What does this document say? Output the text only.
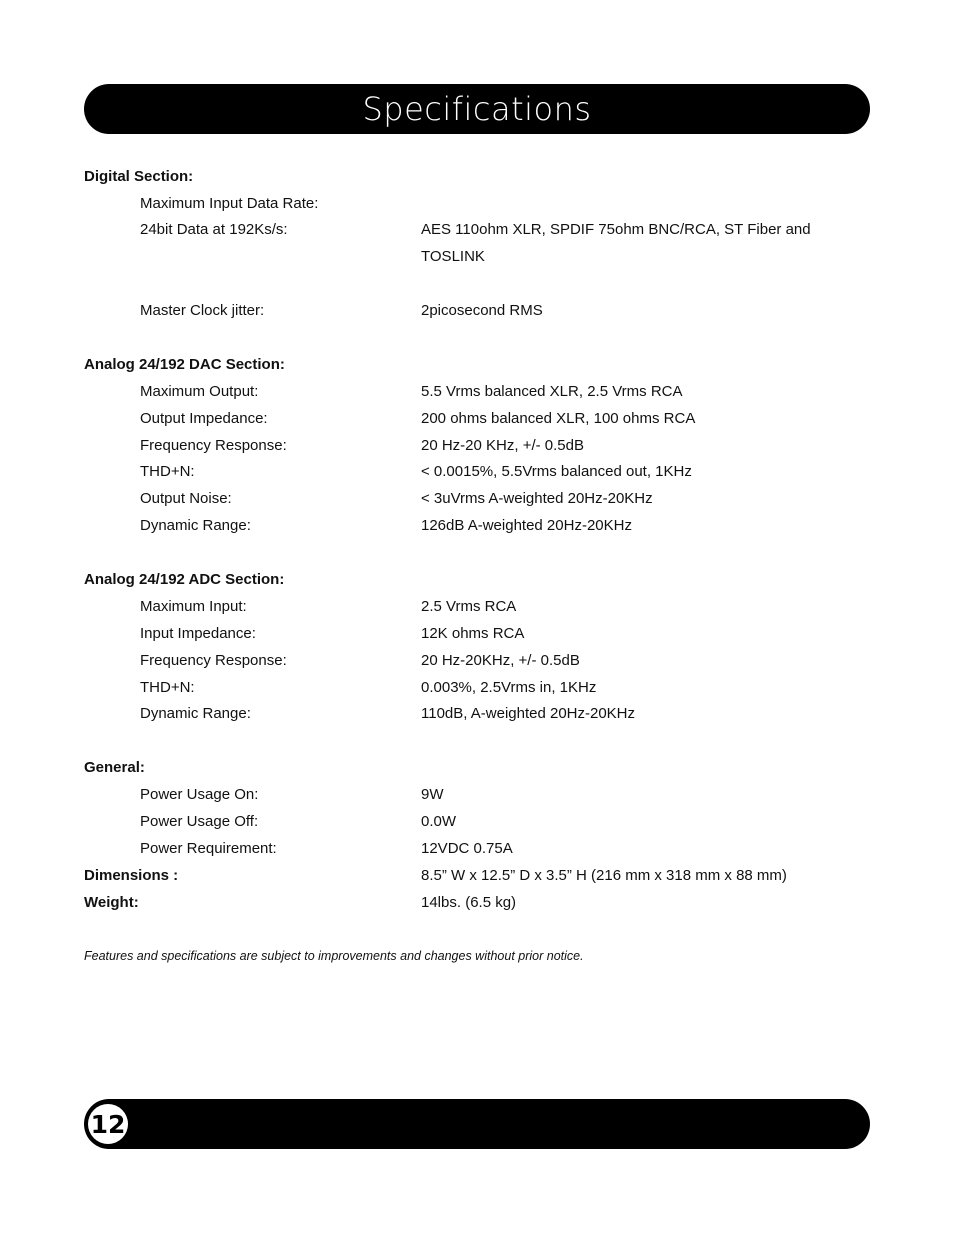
Specifications
Digital Section:
Maximum Input Data Rate:
24bit Data at 192Ks/s:	AES 110ohm XLR, SPDIF 75ohm BNC/RCA, ST Fiber and
TOSLINK
Master Clock jitter:	2picosecond RMS
Analog 24/192 DAC Section:
Maximum Output:	5.5 Vrms balanced XLR, 2.5 Vrms RCA
Output Impedance:	200 ohms balanced XLR, 100 ohms RCA
Frequency Response:	20 Hz-20 KHz, +/- 0.5dB
THD+N:	< 0.0015%, 5.5Vrms balanced out, 1KHz
Output Noise:	< 3uVrms A-weighted 20Hz-20KHz
Dynamic Range:	126dB A-weighted 20Hz-20KHz
Analog 24/192 ADC Section:
Maximum Input:	2.5 Vrms RCA
Input Impedance:	12K ohms RCA
Frequency Response:	20 Hz-20KHz, +/- 0.5dB
THD+N:	0.003%, 2.5Vrms in, 1KHz
Dynamic Range:	110dB, A-weighted 20Hz-20KHz
General:
Power Usage On:	9W
Power Usage Off:	0.0W
Power Requirement:	12VDC 0.75A
Dimensions :	8.5” W x 12.5” D x 3.5” H (216 mm x 318 mm x 88 mm)
Weight:	14lbs. (6.5 kg)
Features and specifications are subject to improvements and changes without prior notice.
12
